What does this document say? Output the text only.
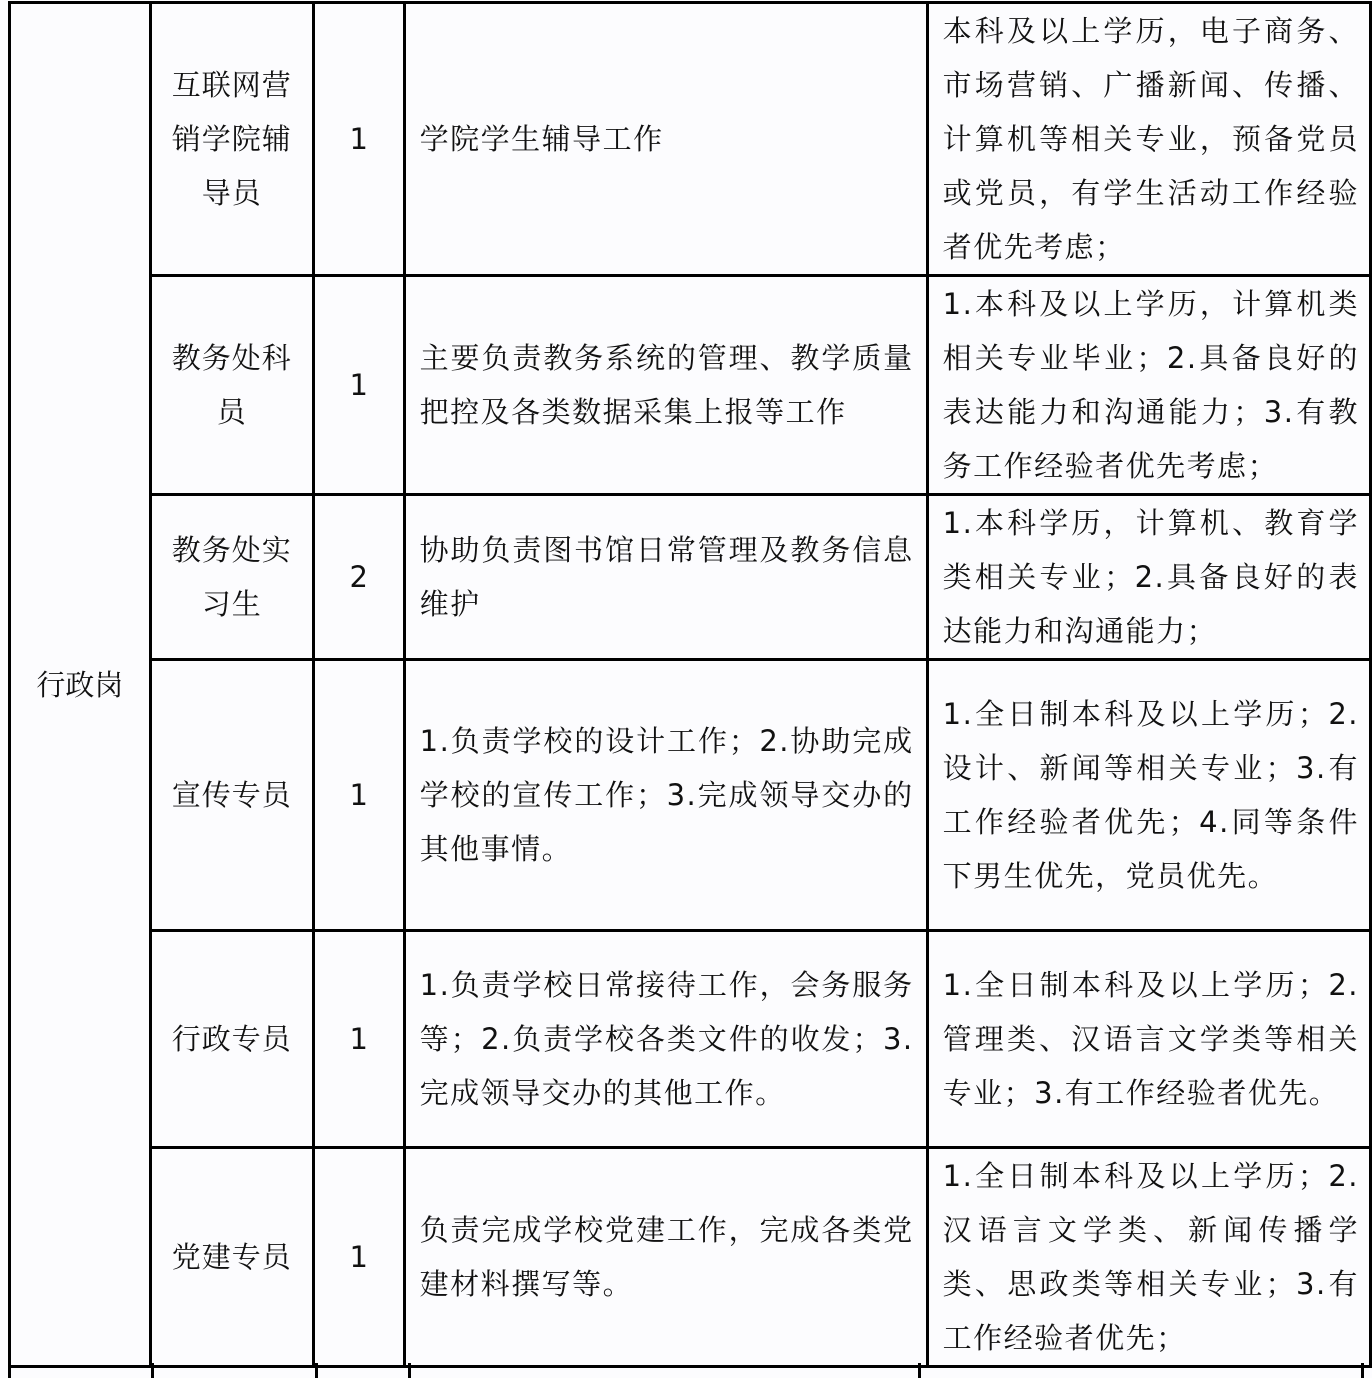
行政岗	互联网营销学院辅导员	1	学院学生辅导工作	本科及以上学历，电子商务、市场营销、广播新闻、传播、计算机等相关专业，预备党员或党员，有学生活动工作经验者优先考虑；

	教务处科员	1	主要负责教务系统的管理、教学质量把控及各类数据采集上报等工作	1.本科及以上学历，计算机类相关专业毕业；2.具备良好的表达能力和沟通能力；3.有教务工作经验者优先考虑；

	教务处实习生	2	协助负责图书馆日常管理及教务信息维护	1.本科学历，计算机、教育学类相关专业；2.具备良好的表达能力和沟通能力；

	宣传专员	1	1.负责学校的设计工作；2.协助完成学校的宣传工作；3.完成领导交办的其他事情。	1.全日制本科及以上学历；2.设计、新闻等相关专业；3.有工作经验者优先；4.同等条件下男生优先，党员优先。

	行政专员	1	1.负责学校日常接待工作，会务服务等；2.负责学校各类文件的收发；3.完成领导交办的其他工作。	1.全日制本科及以上学历；2.管理类、汉语言文学类等相关专业；3.有工作经验者优先。

	党建专员	1	负责完成学校党建工作，完成各类党建材料撰写等。	1.全日制本科及以上学历；2.汉语言文学类、新闻传播学类、思政类等相关专业；3.有工作经验者优先；
